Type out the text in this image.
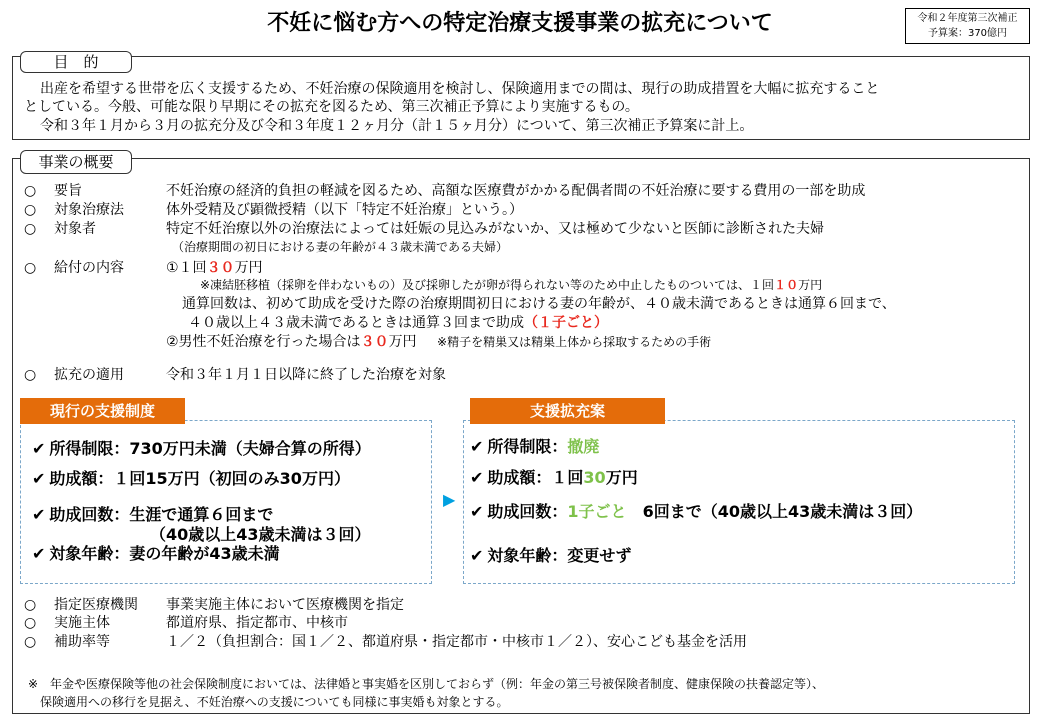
不妊に悩む方への特定治療支援事業の拡充について	令和２年度第三次補正
予算案：370億円
目　的
出産を希望する世帯を広く支援するため、不妊治療の保険適用を検討し、保険適用までの間は、現行の助成措置を大幅に拡充すること
としている。今般、可能な限り早期にその拡充を図るため、第三次補正予算により実施するもの。
令和３年１月から３月の拡充分及び令和３年度１２ヶ月分（計１５ヶ月分）について、第三次補正予算案に計上。
事業の概要
○ 要旨	不妊治療の経済的負担の軽減を図るため、高額な医療費がかかる配偶者間の不妊治療に要する費用の一部を助成
○ 対象治療法	体外受精及び顕微授精（以下「特定不妊治療」という。）
○ 対象者	特定不妊治療以外の治療法によっては妊娠の見込みがないか、又は極めて少ないと医師に診断された夫婦
（治療期間の初日における妻の年齢が４３歳未満である夫婦）
○ 給付の内容	①１回３０万円
※凍結胚移植（採卵を伴わないもの）及び採卵したが卵が得られない等のため中止したものついては、１回１０万円
通算回数は、初めて助成を受けた際の治療期間初日における妻の年齢が、４０歳未満であるときは通算６回まで、
４０歳以上４３歳未満であるときは通算３回まで助成（１子ごと）
②男性不妊治療を行った場合は３０万円 ※精子を精巣又は精巣上体から採取するための手術
○ 拡充の適用	令和３年１月１日以降に終了した治療を対象
現行の支援制度
✔ 所得制限：730万円未満（夫婦合算の所得）
✔ 助成額：１回15万円（初回のみ30万円）
✔ 助成回数：生涯で通算６回まで
（40歳以上43歳未満は３回）
✔ 対象年齢：妻の年齢が43歳未満
▶
支援拡充案
✔ 所得制限：撤廃
✔ 助成額：１回30万円
✔ 助成回数：1子ごと　6回まで（40歳以上43歳未満は３回）
✔ 対象年齢：変更せず
○ 指定医療機関 事業実施主体において医療機関を指定
○ 実施主体	都道府県、指定都市、中核市
○ 補助率等	１／２（負担割合：国１／２、都道府県・指定都市・中核市１／２）、安心こども基金を活用
※　年金や医療保険等他の社会保険制度においては、法律婚と事実婚を区別しておらず（例：年金の第三号被保険者制度、健康保険の扶養認定等）、
保険適用への移行を見据え、不妊治療への支援についても同様に事実婚も対象とする。
